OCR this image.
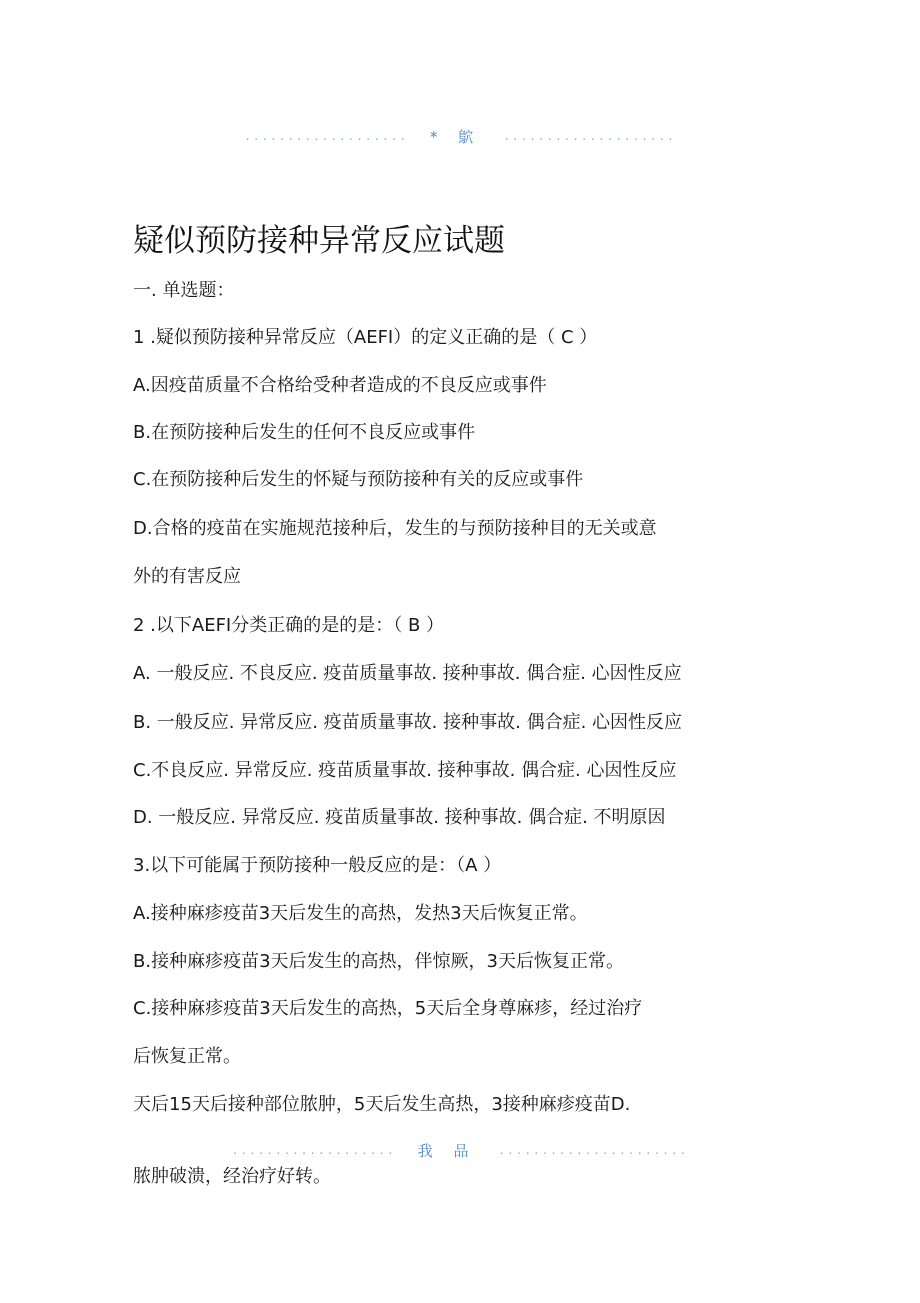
................... * 鴥 ....................
疑似预防接种异常反应试题
一. 单选题：
1 .疑似预防接种异常反应（AEFI）的定义正确的是（ C ）
A.因疫苗质量不合格给受种者造成的不良反应或事件
B.在预防接种后发生的任何不良反应或事件
C.在预防接种后发生的怀疑与预防接种有关的反应或事件
D.合格的疫苗在实施规范接种后，发生的与预防接种目的无关或意
外的有害反应
2 .以下AEFI分类正确的是的是：（ B ）
A. 一般反应. 不良反应. 疫苗质量事故. 接种事故. 偶合症. 心因性反应
B. 一般反应. 异常反应. 疫苗质量事故. 接种事故. 偶合症. 心因性反应
C.不良反应. 异常反应. 疫苗质量事故. 接种事故. 偶合症. 心因性反应
D. 一般反应. 异常反应. 疫苗质量事故. 接种事故. 偶合症. 不明原因
3.以下可能属于预防接种一般反应的是：（A ）
A.接种麻疹疫苗3天后发生的高热，发热3天后恢复正常。
B.接种麻疹疫苗3天后发生的高热，伴惊厥，3天后恢复正常。
C.接种麻疹疫苗3天后发生的高热，5天后全身尊麻疹，经过治疗
后恢复正常。
天后15天后接种部位脓肿，5天后发生高热，3接种麻疹疫苗D.
................... 我 品 ......................
脓肿破溃，经治疗好转。
